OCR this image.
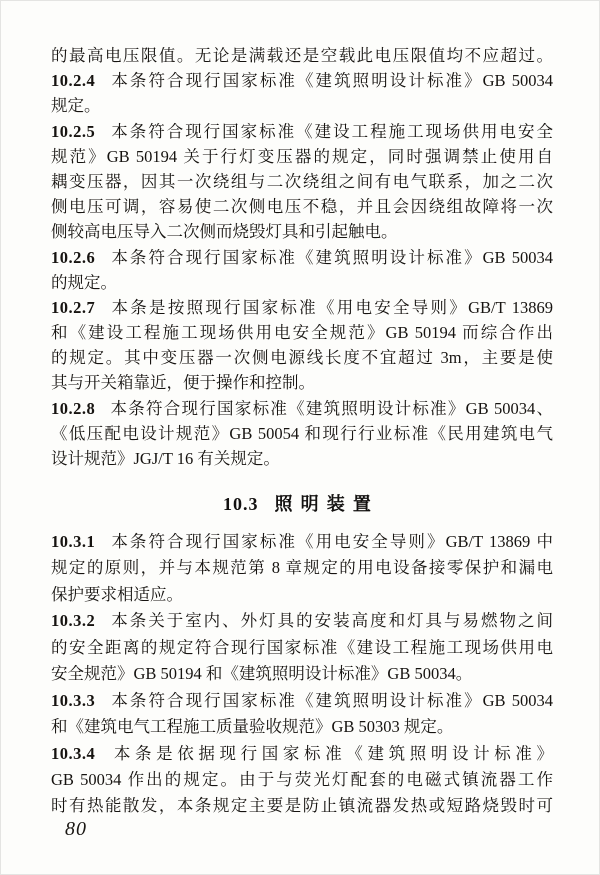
的最高电压限值。无论是满载还是空载此电压限值均不应超过。
10.2.4 本条符合现行国家标准《建筑照明设计标准》GB 50034
规定。
10.2.5 本条符合现行国家标准《建设工程施工现场供用电安全
规范》GB 50194 关于行灯变压器的规定，同时强调禁止使用自
耦变压器，因其一次绕组与二次绕组之间有电气联系，加之二次
侧电压可调，容易使二次侧电压不稳，并且会因绕组故障将一次
侧较高电压导入二次侧而烧毁灯具和引起触电。
10.2.6 本条符合现行国家标准《建筑照明设计标准》GB 50034
的规定。
10.2.7 本条是按照现行国家标准《用电安全导则》GB/T 13869
和《建设工程施工现场供用电安全规范》GB 50194 而综合作出
的规定。其中变压器一次侧电源线长度不宜超过 3m，主要是使
其与开关箱靠近，便于操作和控制。
10.2.8 本条符合现行国家标准《建筑照明设计标准》GB 50034、
《低压配电设计规范》GB 50054 和现行行业标准《民用建筑电气
设计规范》JGJ/T 16 有关规定。
10.3 照明装置
10.3.1 本条符合现行国家标准《用电安全导则》GB/T 13869 中
规定的原则，并与本规范第 8 章规定的用电设备接零保护和漏电
保护要求相适应。
10.3.2 本条关于室内、外灯具的安装高度和灯具与易燃物之间
的安全距离的规定符合现行国家标准《建设工程施工现场供用电
安全规范》GB 50194 和《建筑照明设计标准》GB 50034。
10.3.3 本条符合现行国家标准《建筑照明设计标准》GB 50034
和《建筑电气工程施工质量验收规范》GB 50303 规定。
10.3.4 本条是依据现行国家标准《建筑照明设计标准》
GB 50034 作出的规定。由于与荧光灯配套的电磁式镇流器工作
时有热能散发，本条规定主要是防止镇流器发热或短路烧毁时可
80
